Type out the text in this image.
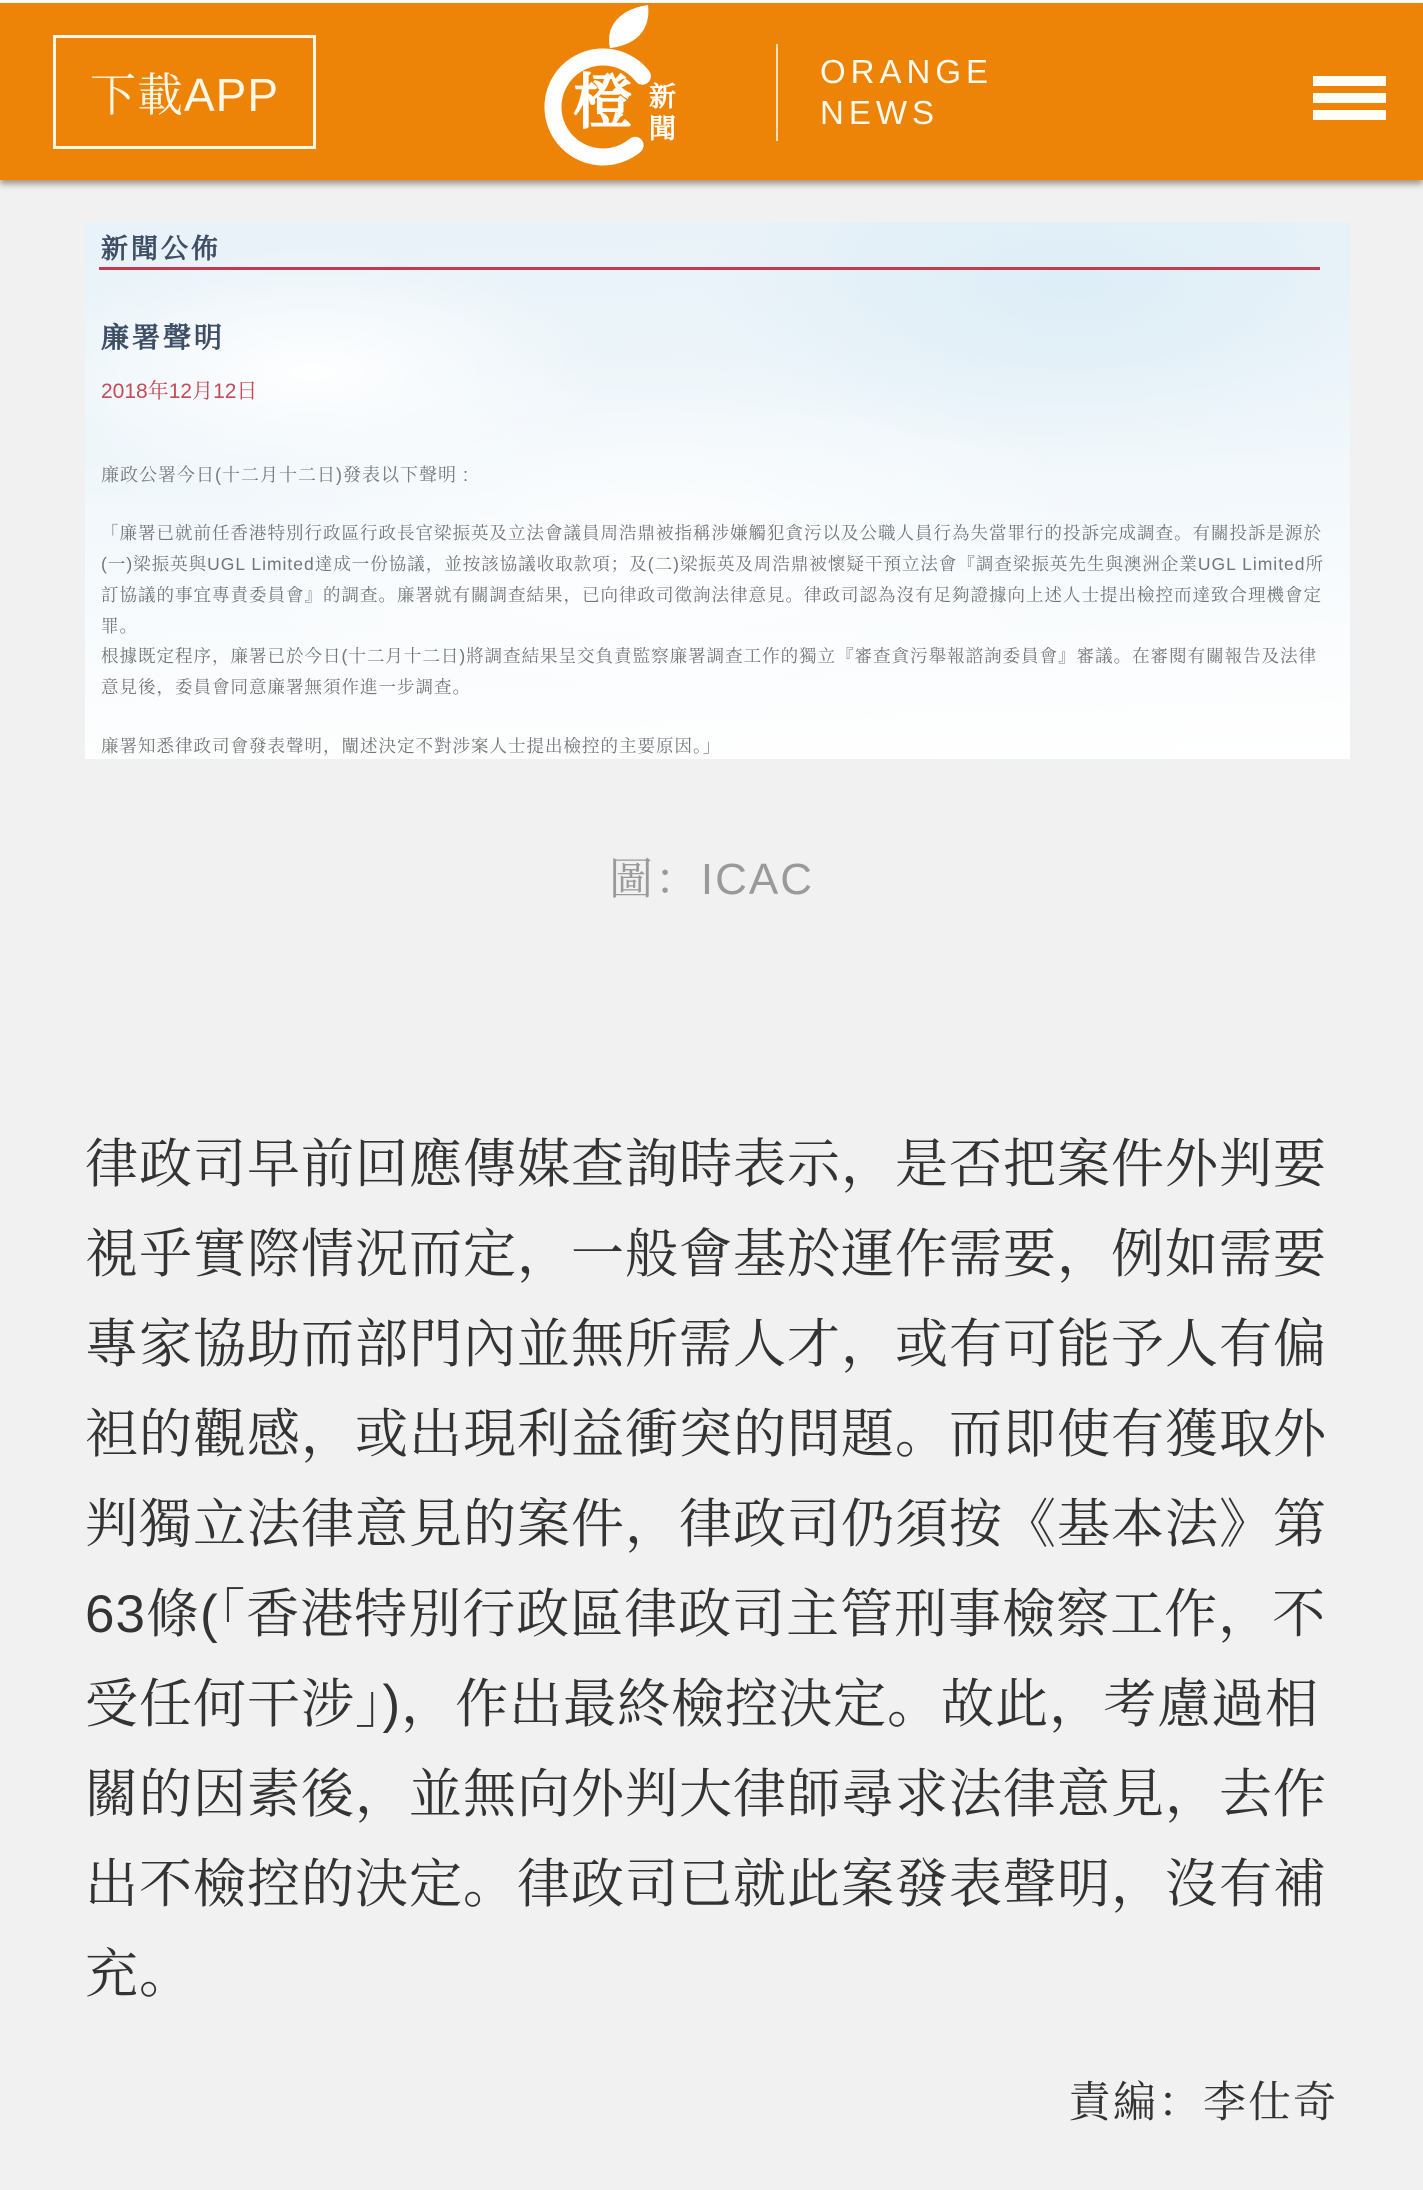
下載APP	橙 新聞
ORANGE
NEWS
新聞公佈
廉署聲明
2018年12月12日
廉政公署今日(十二月十二日)發表以下聲明 :

「廉署已就前任香港特別行政區行政長官梁振英及立法會議員周浩鼎被指稱涉嫌觸犯貪污以及公職人員行為失當罪行的投訴完成調查。有關投訴是源於(一)梁振英與UGL Limited達成一份協議，並按該協議收取款項；及(二)梁振英及周浩鼎被懷疑干預立法會『調查梁振英先生與澳洲企業UGL Limited所訂協議的事宜專責委員會』的調查。廉署就有關調查結果，已向律政司徵詢法律意見。律政司認為沒有足夠證據向上述人士提出檢控而達致合理機會定罪。

根據既定程序，廉署已於今日(十二月十二日)將調查結果呈交負責監察廉署調查工作的獨立『審查貪污舉報諮詢委員會』審議。在審閱有關報告及法律意見後，委員會同意廉署無須作進一步調查。

廉署知悉律政司會發表聲明，闡述決定不對涉案人士提出檢控的主要原因。」

圖：ICAC

律政司早前回應傳媒查詢時表示，是否把案件外判要視乎實際情況而定，一般會基於運作需要，例如需要專家協助而部門內並無所需人才，或有可能予人有偏袒的觀感，或出現利益衝突的問題。而即使有獲取外判獨立法律意見的案件，律政司仍須按《基本法》第63條(「香港特別行政區律政司主管刑事檢察工作，不受任何干涉」)，作出最終檢控決定。故此，考慮過相關的因素後，並無向外判大律師尋求法律意見，去作出不檢控的決定。律政司已就此案發表聲明，沒有補充。

責編：李仕奇
